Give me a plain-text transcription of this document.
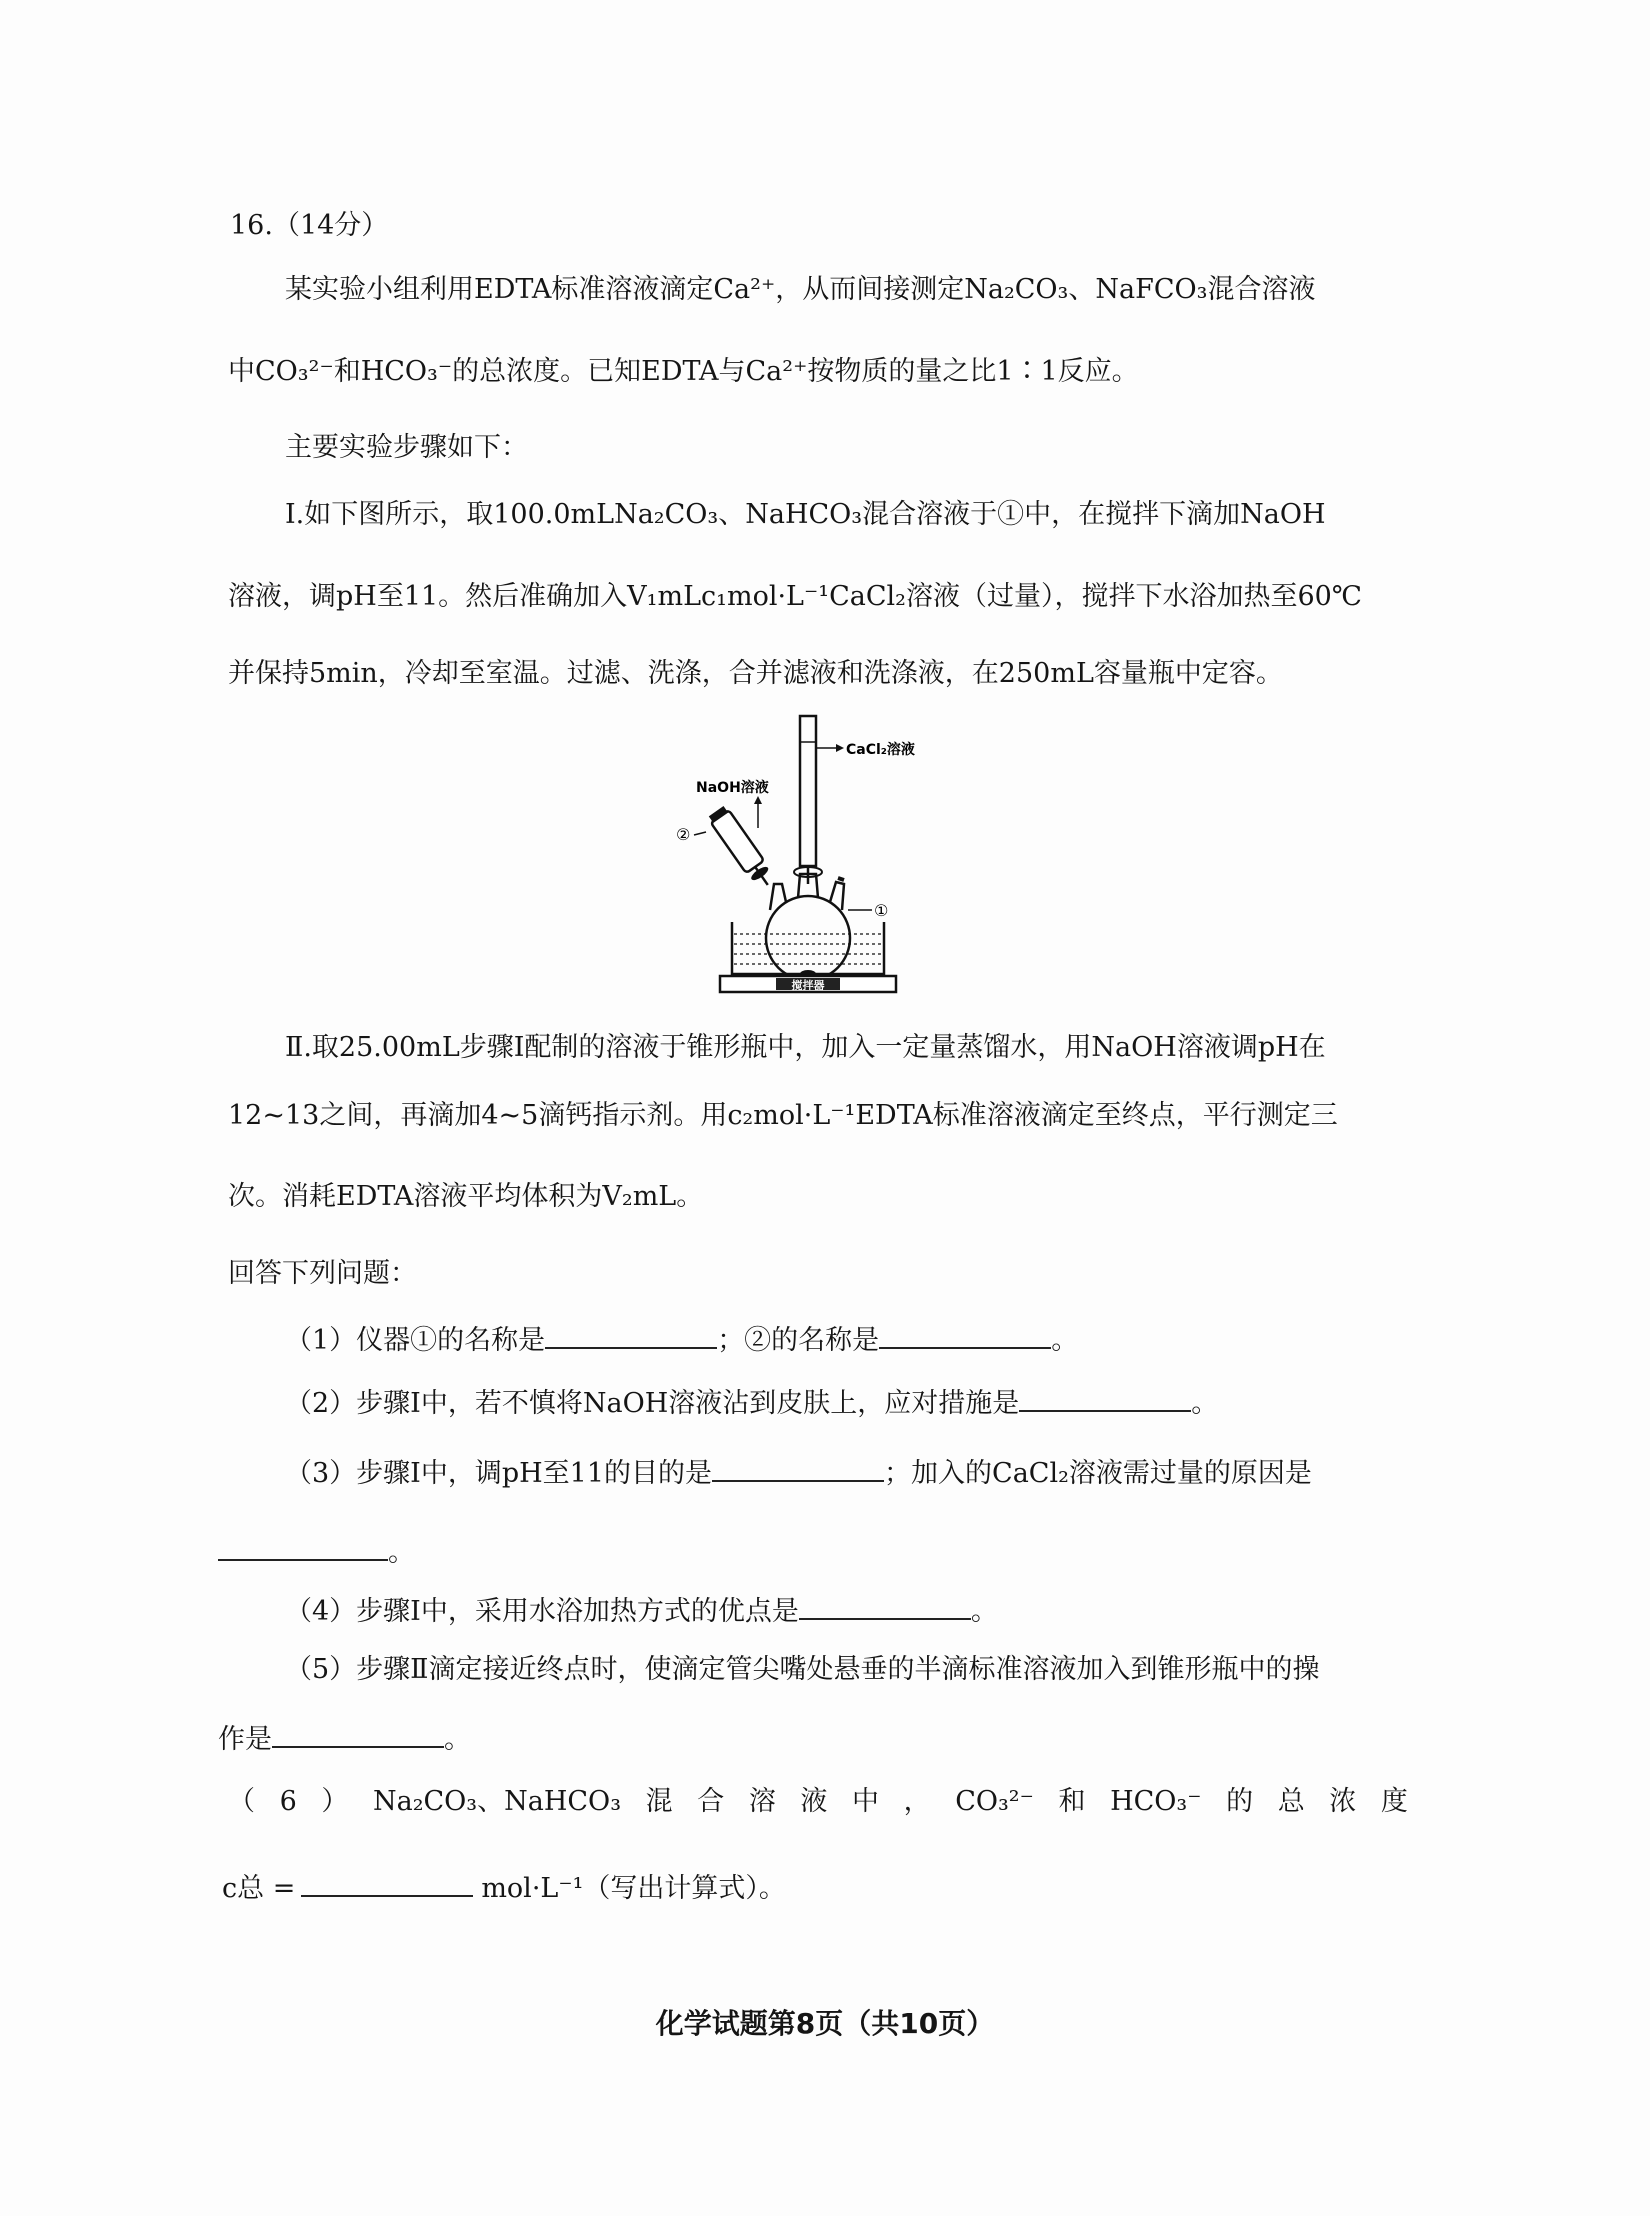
16.（14分）
某实验小组利用EDTA标准溶液滴定Ca²⁺，从而间接测定Na₂CO₃、NaFCO₃混合溶液
中CO₃²⁻和HCO₃⁻的总浓度。已知EDTA与Ca²⁺按物质的量之比1∶1反应。
主要实验步骤如下：
Ⅰ.如下图所示，取100.0mLNa₂CO₃、NaHCO₃混合溶液于①中，在搅拌下滴加NaOH
溶液，调pH至11。然后准确加入V₁mLc₁mol·L⁻¹CaCl₂溶液（过量），搅拌下水浴加热至60℃
并保持5min，冷却至室温。过滤、洗涤，合并滤液和洗涤液，在250mL容量瓶中定容。
CaCl₂溶液
NaOH溶液
②
①
搅拌器
Ⅱ.取25.00mL步骤Ⅰ配制的溶液于锥形瓶中，加入一定量蒸馏水，用NaOH溶液调pH在
12~13之间，再滴加4~5滴钙指示剂。用c₂mol·L⁻¹EDTA标准溶液滴定至终点，平行测定三
次。消耗EDTA溶液平均体积为V₂mL。
回答下列问题：
（1）仪器①的名称是	；②的名称是	。
（2）步骤Ⅰ中，若不慎将NaOH溶液沾到皮肤上，应对措施是	。
（3）步骤Ⅰ中，调pH至11的目的是	；加入的CaCl₂溶液需过量的原因是
。
（4）步骤Ⅰ中，采用水浴加热方式的优点是	。
（5）步骤Ⅱ滴定接近终点时，使滴定管尖嘴处悬垂的半滴标准溶液加入到锥形瓶中的操
作是	。
（ 6 ） Na₂CO₃、NaHCO₃ 混 合 溶 液 中 ， CO₃²⁻ 和 HCO₃⁻ 的 总 浓 度
c总 =	mol·L⁻¹（写出计算式）。
化学试题第8页（共10页）
